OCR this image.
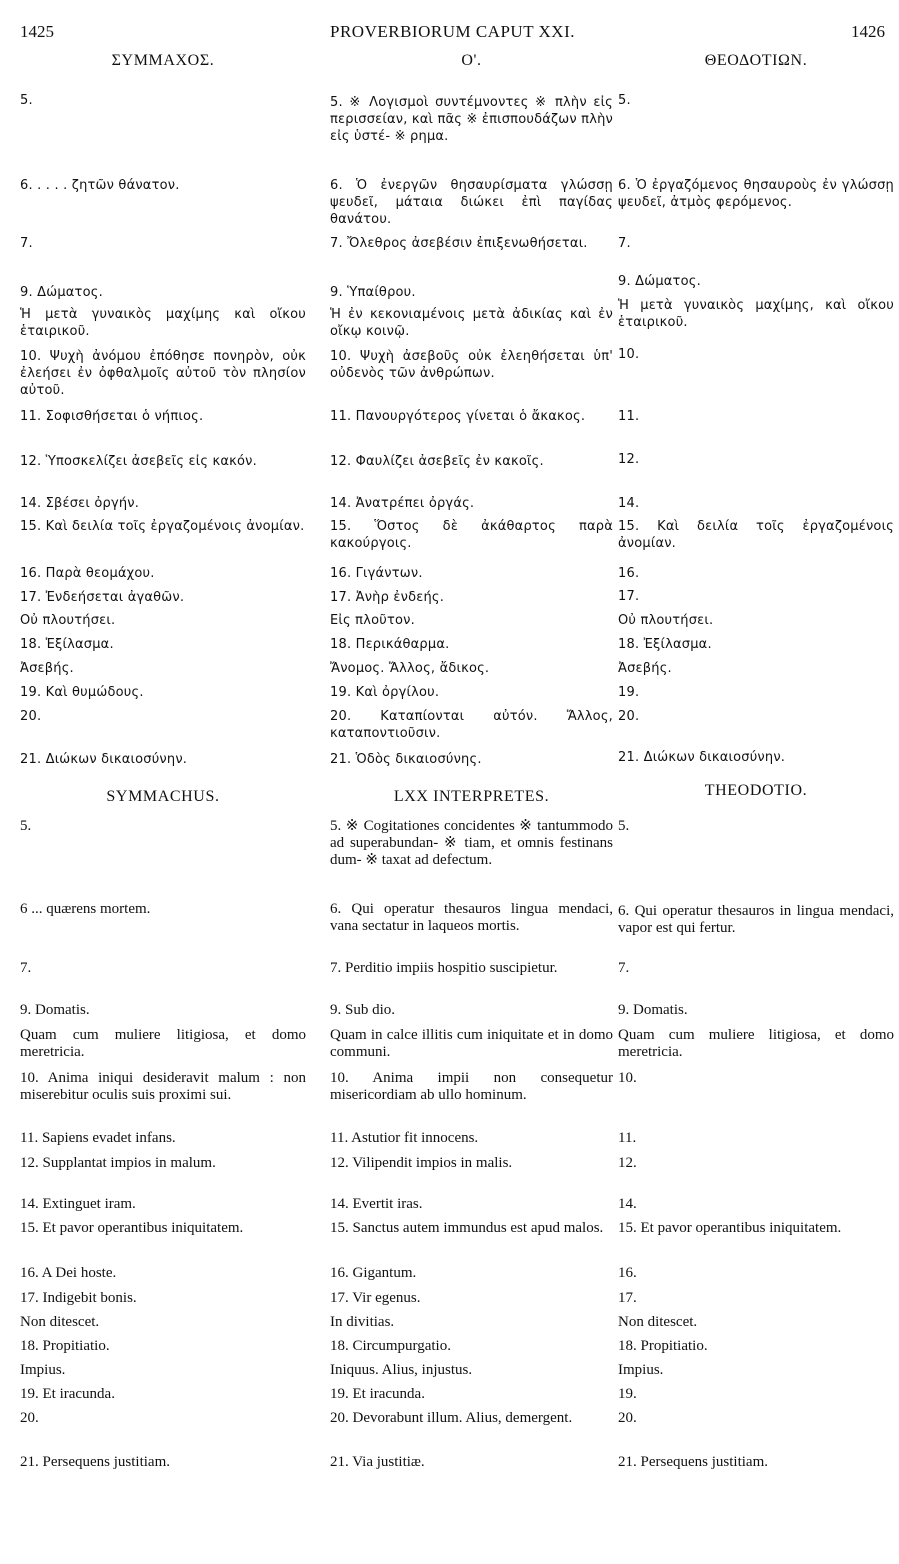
1425	PROVERBIORUM CAPUT XXI.	1426
ΣΥΜΜΑΧΟΣ.
5.
6. . . . . ζητῶν θάνατον.
7.
9. Δώματος.
Ἡ μετὰ γυναικὸς μαχίμης καὶ οἴκου ἑταιρικοῦ.
10. Ψυχὴ ἀνόμου ἐπόθησε πονηρὸν, οὐκ ἐλεήσει ἐν ὀφθαλμοῖς αὐτοῦ τὸν πλησίον αὐτοῦ.
11. Σοφισθήσεται ὁ νήπιος.
12. Ὑποσκελίζει ἀσεβεῖς εἰς κακόν.
14. Σβέσει ὀργήν.
15. Καὶ δειλία τοῖς ἐργαζομένοις ἀνομίαν.
16. Παρὰ θεομάχου.
17. Ἐνδεήσεται ἀγαθῶν.
Οὐ πλουτήσει.
18. Ἐξίλασμα.
Ἀσεβής.
19. Καὶ θυμώδους.
20.
21. Διώκων δικαιοσύνην.
Ο'.
5. ※ Λογισμοὶ συντέμνοντες ※ πλὴν εἰς περισσείαν, καὶ πᾶς ※ ἐπισπουδάζων πλὴν εἰς ὑστέ- ※ ρημα.
6. Ὁ ἐνεργῶν θησαυρίσματα γλώσσῃ ψευδεῖ, μάταια διώκει ἐπὶ παγίδας θανάτου.
7. Ὄλεθρος ἀσεβέσιν ἐπιξενωθήσεται.
9. Ὑπαίθρου.
Ἡ ἐν κεκονιαμένοις μετὰ ἀδικίας καὶ ἐν οἴκῳ κοινῷ.
10. Ψυχὴ ἀσεβοῦς οὐκ ἐλεηθήσεται ὑπ' οὐδενὸς τῶν ἀνθρώπων.
11. Πανουργότερος γίνεται ὁ ἄκακος.
12. Φαυλίζει ἀσεβεῖς ἐν κακοῖς.
14. Ἀνατρέπει ὀργάς.
15. Ὅστος δὲ ἀκάθαρτος παρὰ κακούργοις.
16. Γιγάντων.
17. Ἀνὴρ ἐνδεής.
Εἰς πλοῦτον.
18. Περικάθαρμα.
Ἄνομος. Ἄλλος, ἄδικος.
19. Καὶ ὀργίλου.
20. Καταπίονται αὐτόν. Ἄλλος, καταποντιοῦσιν.
21. Ὁδὸς δικαιοσύνης.
ΘΕΟΔΟΤΙΩΝ.
5.
6. Ὁ ἐργαζόμενος θησαυροὺς ἐν γλώσσῃ ψευδεῖ, ἀτμὸς φερόμενος.
7.
9. Δώματος.
Ἡ μετὰ γυναικὸς μαχίμης, καὶ οἴκου ἑταιρικοῦ.
10.
11.
12.
14.
15. Καὶ δειλία τοῖς ἐργαζομένοις ἀνομίαν.
16.
17.
Οὐ πλουτήσει.
18. Ἐξίλασμα.
Ἀσεβής.
19.
20.
21. Διώκων δικαιοσύνην.
SYMMACHUS.
5.
6 ... quærens mortem.
7.
9. Domatis.
Quam cum muliere litigiosa, et domo meretricia.
10. Anima iniqui desideravit malum : non miserebitur oculis suis proximi sui.
11. Sapiens evadet infans.
12. Supplantat impios in malum.
14. Extinguet iram.
15. Et pavor operantibus iniquitatem.
16. A Dei hoste.
17. Indigebit bonis.
Non ditescet.
18. Propitiatio.
Impius.
19. Et iracunda.
20.
21. Persequens justitiam.
LXX INTERPRETES.
5. ※ Cogitationes concidentes ※ tantummodo ad superabundan- ※ tiam, et omnis festinans dum- ※ taxat ad defectum.
6. Qui operatur thesauros lingua mendaci, vana sectatur in laqueos mortis.
7. Perditio impiis hospitio suscipietur.
9. Sub dio.
Quam in calce illitis cum iniquitate et in domo communi.
10. Anima impii non consequetur misericordiam ab ullo hominum.
11. Astutior fit innocens.
12. Vilipendit impios in malis.
14. Evertit iras.
15. Sanctus autem immundus est apud malos.
16. Gigantum.
17. Vir egenus.
In divitias.
18. Circumpurgatio.
Iniquus. Alius, injustus.
19. Et iracunda.
20. Devorabunt illum. Alius, demergent.
21. Via justitiæ.
THEODOTIO.
5.
6. Qui operatur thesauros in lingua mendaci, vapor est qui fertur.
7.
9. Domatis.
Quam cum muliere litigiosa, et domo meretricia.
10.
11.
12.
14.
15. Et pavor operantibus iniquitatem.
16.
17.
Non ditescet.
18. Propitiatio.
Impius.
19.
20.
21. Persequens justitiam.
